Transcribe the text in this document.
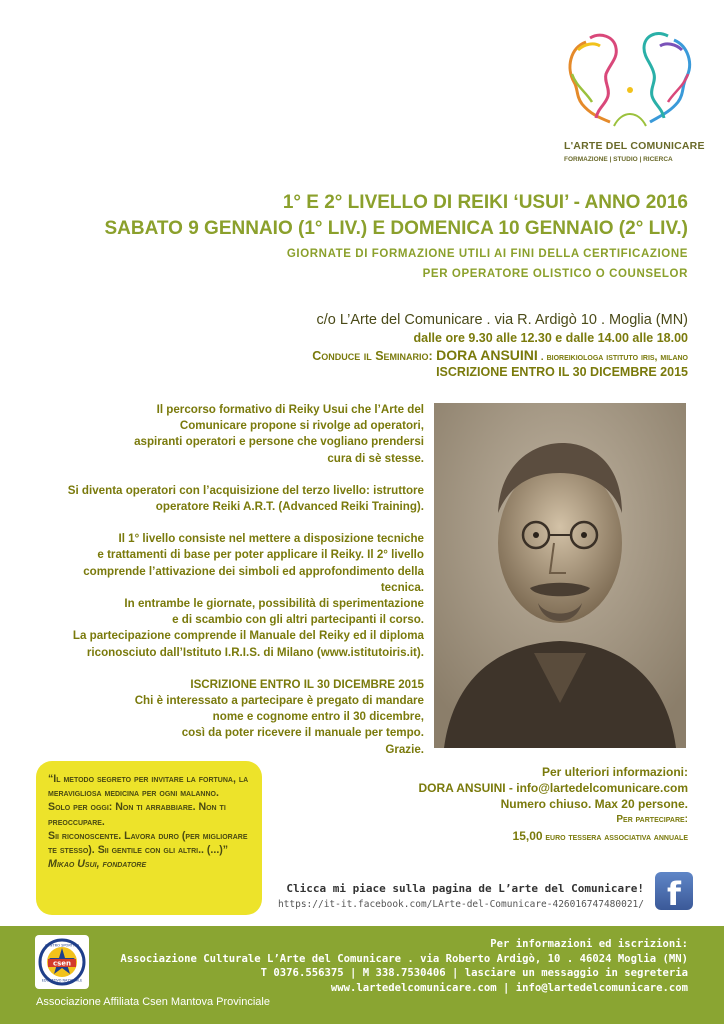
L'ARTE DEL COMUNICARE
FORMAZIONE | STUDIO | RICERCA
1° E 2° LIVELLO DI REIKI ‘USUI’ - ANNO 2016
SABATO 9 GENNAIO (1° LIV.) E DOMENICA 10 GENNAIO (2° LIV.)
GIORNATE DI FORMAZIONE UTILI AI FINI DELLA CERTIFICAZIONE
PER OPERATORE OLISTICO O COUNSELOR
c/o L’Arte del Comunicare . via R. Ardigò 10 . Moglia (MN)
dalle ore 9.30 alle 12.30 e dalle 14.00 alle 18.00
Conduce il Seminario: DORA ANSUINI . bioreikiologa istituto iris, milano
ISCRIZIONE ENTRO IL 30 DICEMBRE 2015

Il percorso formativo di Reiky Usui che l’Arte del
Comunicare propone si rivolge ad operatori,
aspiranti operatori e persone che vogliano prendersi
cura di sè stesse.

Si diventa operatori con l’acquisizione del terzo livello: istruttore
operatore Reiki A.R.T. (Advanced Reiki Training).

Il 1° livello consiste nel mettere a disposizione tecniche
e trattamenti di base per poter applicare il Reiky. Il 2° livello
comprende l’attivazione dei simboli ed approfondimento della
tecnica.
In entrambe le giornate, possibilità di sperimentazione
e di scambio con gli altri partecipanti il corso.
La partecipazione comprende il Manuale del Reiky ed il diploma
riconosciuto dall’Istituto I.R.I.S. di Milano (www.istitutoiris.it).

ISCRIZIONE ENTRO IL 30 DICEMBRE 2015
Chi è interessato a partecipare è pregato di mandare
nome e cognome entro il 30 dicembre,
così da poter ricevere il manuale per tempo.
Grazie.

“Il metodo segreto per invitare la fortuna, la meravigliosa medicina per ogni malanno.
Solo per oggi: Non ti arrabbiare. Non ti preoccupare.
Sii riconoscente. Lavora duro (per migliorare te stesso). Sii gentile con gli altri.. (...)”

Mikao Usui, fondatore

Per ulteriori informazioni:
DORA ANSUINI - info@lartedelcomunicare.com
Numero chiuso. Max 20 persone.
Per partecipare:
15,00 euro tessera associativa annuale
Clicca mi piace sulla pagina de L’arte del Comunicare!
https://it-it.facebook.com/LArte-del-Comunicare-426016747480021/ f
csen
CENTRO SPORTIVO
EDUCATIVO NAZIONALE
Associazione Affiliata Csen Mantova Provinciale
Per informazioni ed iscrizioni:
Associazione Culturale L’Arte del Comunicare . via Roberto Ardigò, 10 . 46024 Moglia (MN)
T 0376.556375 | M 338.7530406 | lasciare un messaggio in segreteria
www.lartedelcomunicare.com | info@lartedelcomunicare.com
